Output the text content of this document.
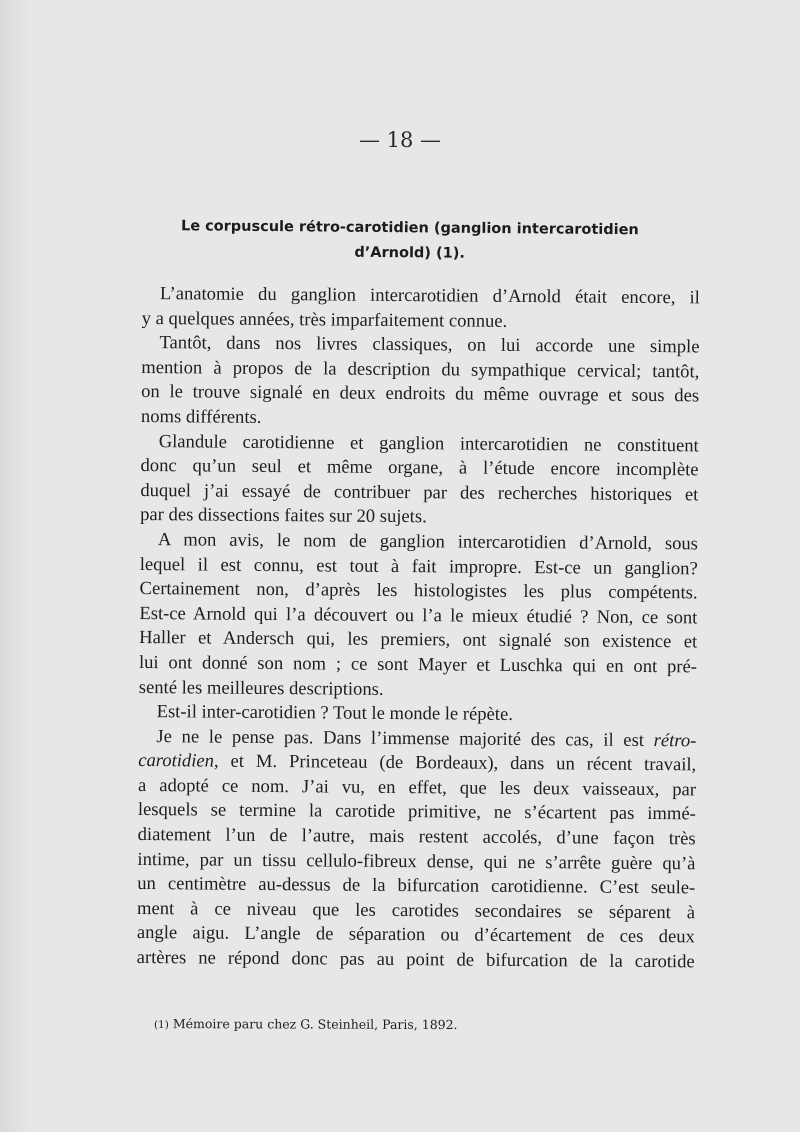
— 18 —
Le corpuscule rétro-carotidien (ganglion intercarotidien
d’Arnold) (1).
L’anatomie du ganglion intercarotidien d’Arnold était encore, il
y a quelques années, très imparfaitement connue.
Tantôt, dans nos livres classiques, on lui accorde une simple
mention à propos de la description du sympathique cervical; tantôt,
on le trouve signalé en deux endroits du même ouvrage et sous des
noms différents.
Glandule carotidienne et ganglion intercarotidien ne constituent
donc qu’un seul et même organe, à l’étude encore incomplète
duquel j’ai essayé de contribuer par des recherches historiques et
par des dissections faites sur 20 sujets.
A mon avis, le nom de ganglion intercarotidien d’Arnold, sous
lequel il est connu, est tout à fait impropre. Est-ce un ganglion?
Certainement non, d’après les histologistes les plus compétents.
Est-ce Arnold qui l’a découvert ou l’a le mieux étudié ? Non, ce sont
Haller et Andersch qui, les premiers, ont signalé son existence et
lui ont donné son nom ; ce sont Mayer et Luschka qui en ont pré-
senté les meilleures descriptions.
Est-il inter-carotidien ? Tout le monde le répète.
Je ne le pense pas. Dans l’immense majorité des cas, il est rétro-
carotidien, et M. Princeteau (de Bordeaux), dans un récent travail,
a adopté ce nom. J’ai vu, en effet, que les deux vaisseaux, par
lesquels se termine la carotide primitive, ne s’écartent pas immé-
diatement l’un de l’autre, mais restent accolés, d’une façon très
intime, par un tissu cellulo-fibreux dense, qui ne s’arrête guère qu’à
un centimètre au-dessus de la bifurcation carotidienne. C’est seule-
ment à ce niveau que les carotides secondaires se séparent à
angle aigu. L’angle de séparation ou d’écartement de ces deux
artères ne répond donc pas au point de bifurcation de la carotide
(1) Mémoire paru chez G. Steinheil, Paris, 1892.
